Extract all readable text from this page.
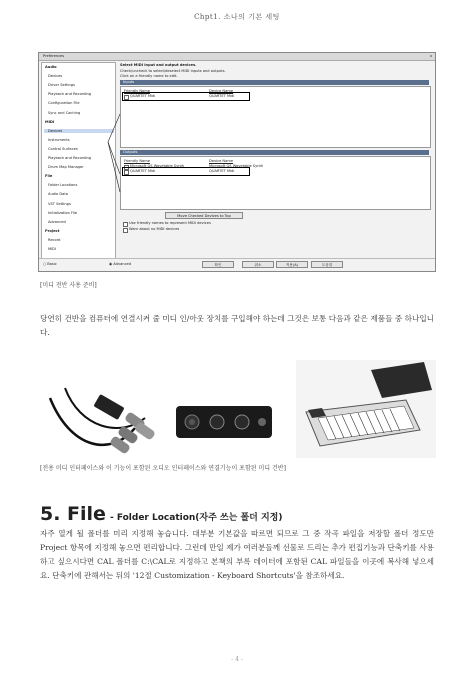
Chpt1. 소나의 기본 세팅
Preferences	x
Audio
Devices
Driver Settings
Playback and Recording
Configuration File
Sync and Caching
MIDI
Devices
Instruments
Control Surfaces
Playback and Recording
Drum Map Manager
File
Folder Locations
Audio Data
VST Settings
Initialization File
Advanced
Project
Record
MIDI
Select MIDI input and output devices.
Check/uncheck to select/deselect MIDI inputs and outputs.
Click on a friendly name to edit.
Inputs
Friendly Name	Device Name
QUARTET Midi	QUARTET Midi
Outputs
Friendly Name	Device Name
Microsoft GS Wavetable Synth	Microsoft GS Wavetable Synth
QUARTET Midi	QUARTET Midi
Move Checked Devices to Top
Use friendly names to represent MIDI devices
Warn about no MIDI devices
○ Basic	◉ Advanced	확인	취소	적용(A)	도움말
[미디 전반 사용 준비]
당연히 건반을 컴퓨터에 연결시켜 줄 미디 인/아웃 장치를 구입해야 하는데 그것은 보통 다음과 같은 제품들 중 하나입니다.
[전용 미디 인터페이스와 이 기능이 포함된 오디오 인터페이스와 연결기능이 포함된 미디 건반]
5. File - Folder Location(자주 쓰는 폴더 지정)
자주 열게 될 폴더를 미리 지정해 놓습니다. 대부분 기본값을 따르면 되므로 그 중 작곡 파일을 저장할 폴더 정도만 Project 항목에 지정해 놓으면 편리합니다. 그런데 만일 제가 여러분들께 선물로 드리는 추가 편집기능과 단축키를 사용하고 싶으시다면 CAL 폴더를 C:\CAL로 지정하고 본책의 부록 데이터에 포함된 CAL 파일들을 이곳에 복사해 넣으세요. 단축키에 관해서는 뒤의 '12절 Customization - Keyboard Shortcuts'을 참조하세요.
- 4 -
